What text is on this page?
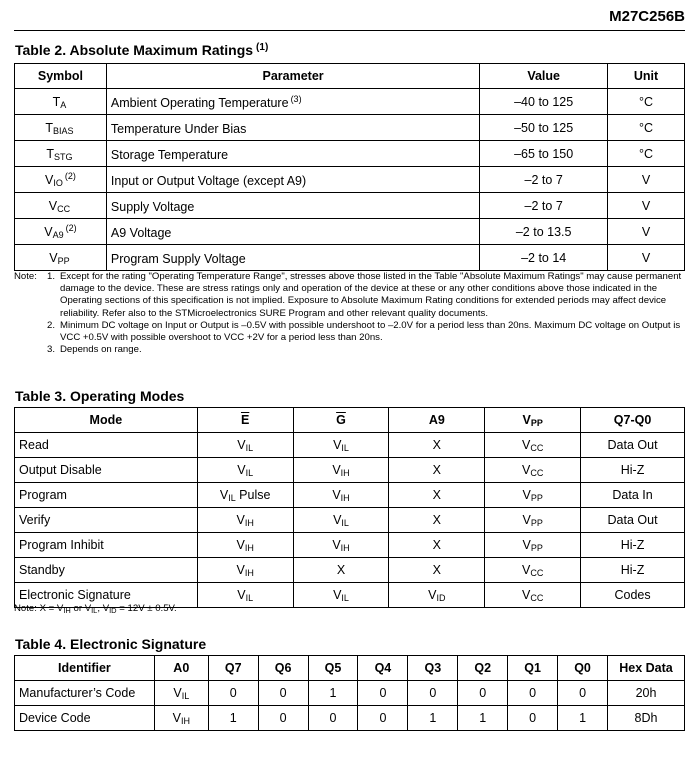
M27C256B
Table 2. Absolute Maximum Ratings $^{(1)}$
Symbol	Parameter	Value	Unit
$T_A$	Ambient Operating Temperature $^{(3)}$	–40 to 125	°C
$T_{BIAS}$	Temperature Under Bias	–50 to 125	°C
$T_{STG}$	Storage Temperature	–65 to 150	°C
$V_{IO}^{(2)}$	Input or Output Voltage (except A9)	–2 to 7	V
$V_{CC}$	Supply Voltage	–2 to 7	V
$V_{A9}^{(2)}$	A9 Voltage	–2 to 13.5	V
$V_{PP}$	Program Supply Voltage	–2 to 14	V
Note: 1. Except for the rating "Operating Temperature Range", stresses above those listed in the Table "Absolute Maximum Ratings" may cause permanent damage to the device. These are stress ratings only and operation of the device at these or any other conditions above those indicated in the Operating sections of this specification is not implied. Exposure to Absolute Maximum Rating conditions for extended periods may affect device reliability. Refer also to the STMicroelectronics SURE Program and other relevant quality documents.
2. Minimum DC voltage on Input or Output is –0.5V with possible undershoot to –2.0V for a period less than 20ns. Maximum DC voltage on Output is VCC +0.5V with possible overshoot to VCC +2V for a period less than 20ns.
3. Depends on range.
Table 3. Operating Modes
Mode	$\overline{E}$	$\overline{G}$	A9	$V_{PP}$	Q7-Q0
Read	$V_{IL}$	$V_{IL}$	X	$V_{CC}$	Data Out
Output Disable	$V_{IL}$	$V_{IH}$	X	$V_{CC}$	Hi-Z
Program	$V_{IL}$ Pulse	$V_{IH}$	X	$V_{PP}$	Data In
Verify	$V_{IH}$	$V_{IL}$	X	$V_{PP}$	Data Out
Program Inhibit	$V_{IH}$	$V_{IH}$	X	$V_{PP}$	Hi-Z
Standby	$V_{IH}$	X	X	$V_{CC}$	Hi-Z
Electronic Signature	$V_{IL}$	$V_{IL}$	$V_{ID}$	$V_{CC}$	Codes
Note: $X = V_{IH}$ or $V_{IL}$, $V_{ID} = 12V \pm 0.5V$.
Table 4. Electronic Signature
Identifier	A0	Q7	Q6	Q5	Q4	Q3	Q2	Q1	Q0	Hex Data
Manufacturer’s Code	$V_{IL}$	0	0	1	0	0	0	0	0	20h
Device Code	$V_{IH}$	1	0	0	0	1	1	0	1	8Dh
